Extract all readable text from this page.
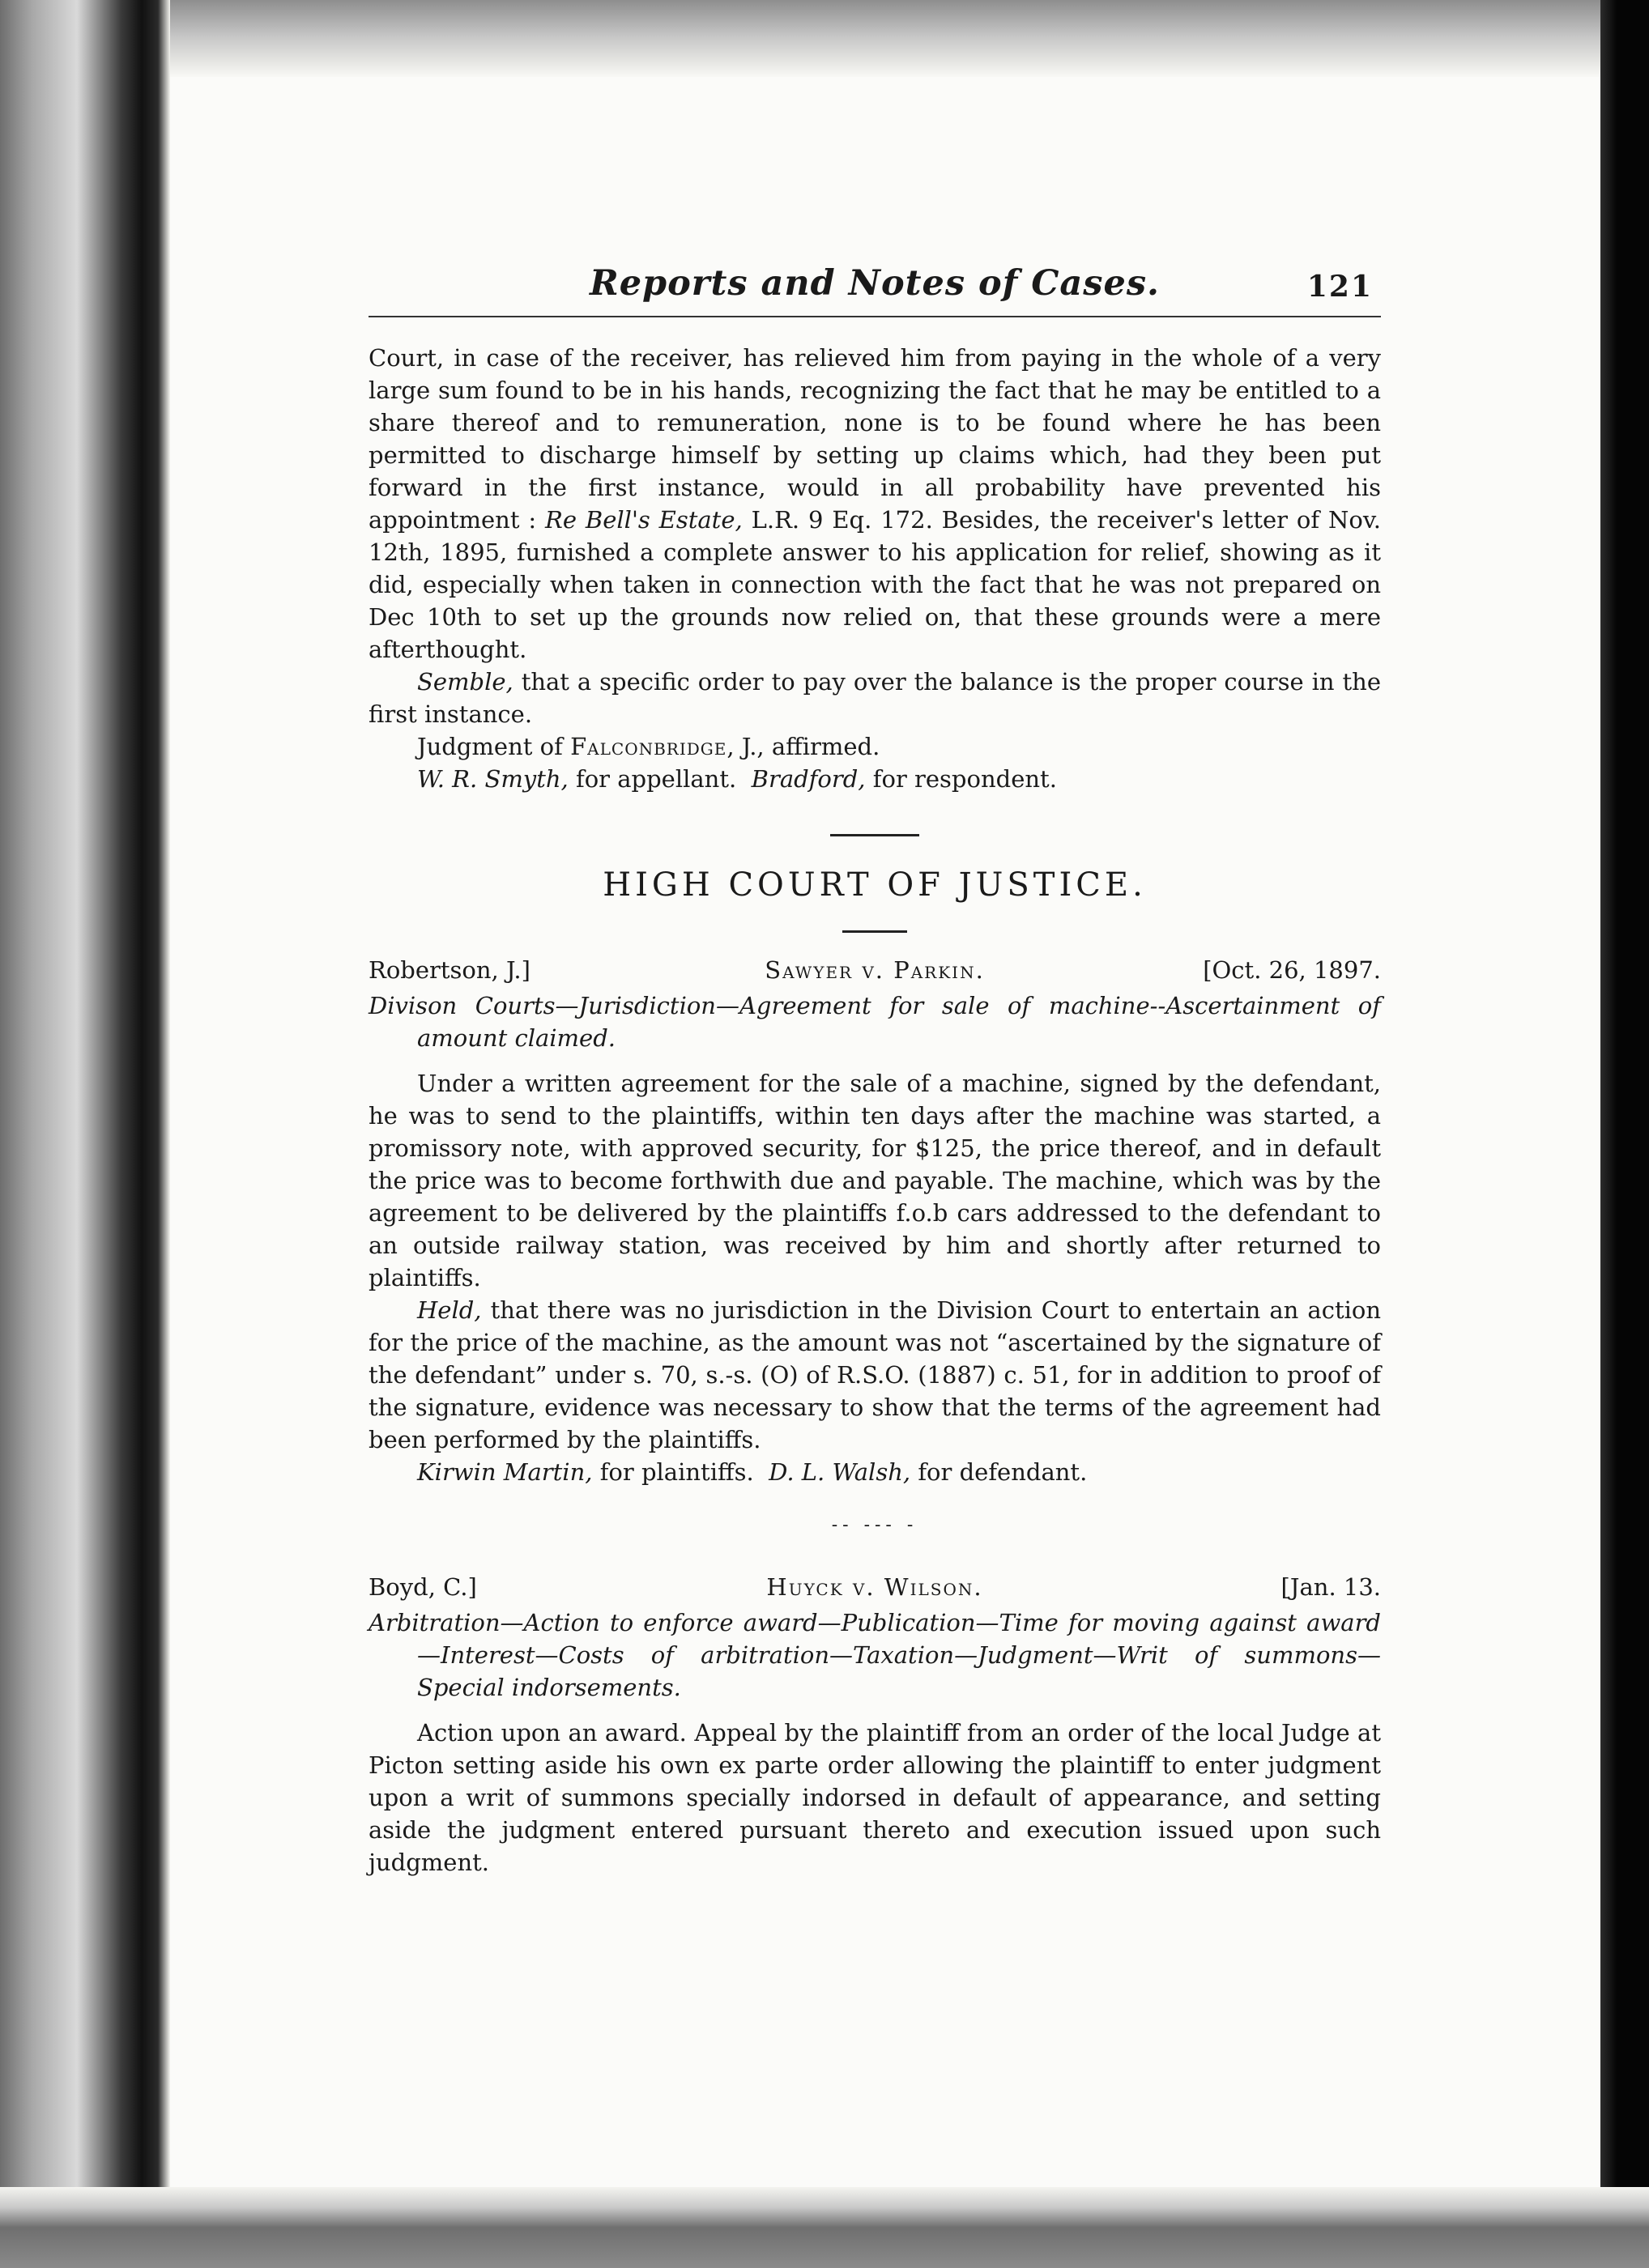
Reports and Notes of Cases.	121

Court, in case of the receiver, has relieved him from paying in the whole of a very large sum found to be in his hands, recognizing the fact that he may be entitled to a share thereof and to remuneration, none is to be found where he has been permitted to discharge himself by setting up claims which, had they been put forward in the first instance, would in all probability have prevented his appointment : Re Bell's Estate, L.R. 9 Eq. 172. Besides, the receiver's letter of Nov. 12th, 1895, furnished a complete answer to his application for relief, showing as it did, especially when taken in connection with the fact that he was not prepared on Dec 10th to set up the grounds now relied on, that these grounds were a mere afterthought.

Semble, that a specific order to pay over the balance is the proper course in the first instance.

Judgment of Falconbridge, J., affirmed.

W. R. Smyth, for appellant. Bradford, for respondent.

HIGH COURT OF JUSTICE.
Robertson, J.]	Sawyer v. Parkin.	[Oct. 26, 1897.

Divison Courts—Jurisdiction—Agreement for sale of machine--Ascertainment of amount claimed.

Under a written agreement for the sale of a machine, signed by the defendant, he was to send to the plaintiffs, within ten days after the machine was started, a promissory note, with approved security, for $125, the price thereof, and in default the price was to become forthwith due and payable. The machine, which was by the agreement to be delivered by the plaintiffs f.o.b cars addressed to the defendant to an outside railway station, was received by him and shortly after returned to plaintiffs.

Held, that there was no jurisdiction in the Division Court to entertain an action for the price of the machine, as the amount was not “ascertained by the signature of the defendant” under s. 70, s.-s. (O) of R.S.O. (1887) c. 51, for in addition to proof of the signature, evidence was necessary to show that the terms of the agreement had been performed by the plaintiffs.

Kirwin Martin, for plaintiffs. D. L. Walsh, for defendant.

-- --- -
Boyd, C.]	Huyck v. Wilson.	[Jan. 13.

Arbitration—Action to enforce award—Publication—Time for moving against award—Interest—Costs of arbitration—Taxation—Judgment—Writ of summons—Special indorsements.

Action upon an award. Appeal by the plaintiff from an order of the local Judge at Picton setting aside his own ex parte order allowing the plaintiff to enter judgment upon a writ of summons specially indorsed in default of appearance, and setting aside the judgment entered pursuant thereto and execution issued upon such judgment.
